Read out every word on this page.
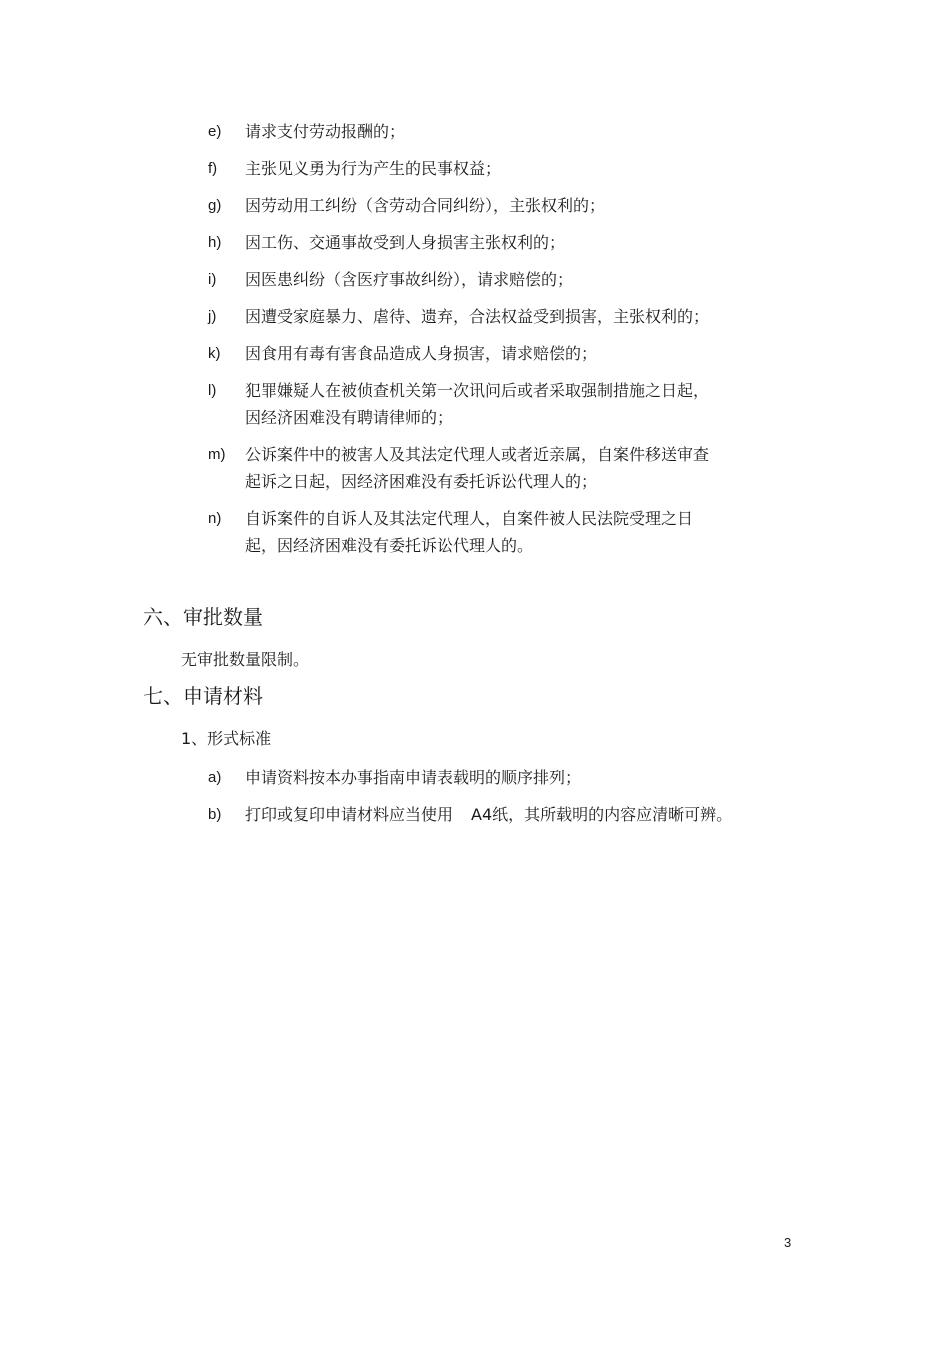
e) 请求支付劳动报酬的；
f) 主张见义勇为行为产生的民事权益；
g) 因劳动用工纠纷（含劳动合同纠纷），主张权利的；
h) 因工伤、交通事故受到人身损害主张权利的；
i) 因医患纠纷（含医疗事故纠纷），请求赔偿的；
j) 因遭受家庭暴力、虐待、遗弃，合法权益受到损害，主张权利的；
k) 因食用有毒有害食品造成人身损害，请求赔偿的；
l) 犯罪嫌疑人在被侦查机关第一次讯问后或者采取强制措施之日起，
因经济困难没有聘请律师的；
m) 公诉案件中的被害人及其法定代理人或者近亲属，自案件移送审查
起诉之日起，因经济困难没有委托诉讼代理人的；
n) 自诉案件的自诉人及其法定代理人，自案件被人民法院受理之日
起，因经济困难没有委托诉讼代理人的。
六、审批数量
无审批数量限制。
七、申请材料
1、形式标准
a) 申请资料按本办事指南申请表载明的顺序排列；
b) 打印或复印申请材料应当使用 A4纸，其所载明的内容应清晰可辨。
3
